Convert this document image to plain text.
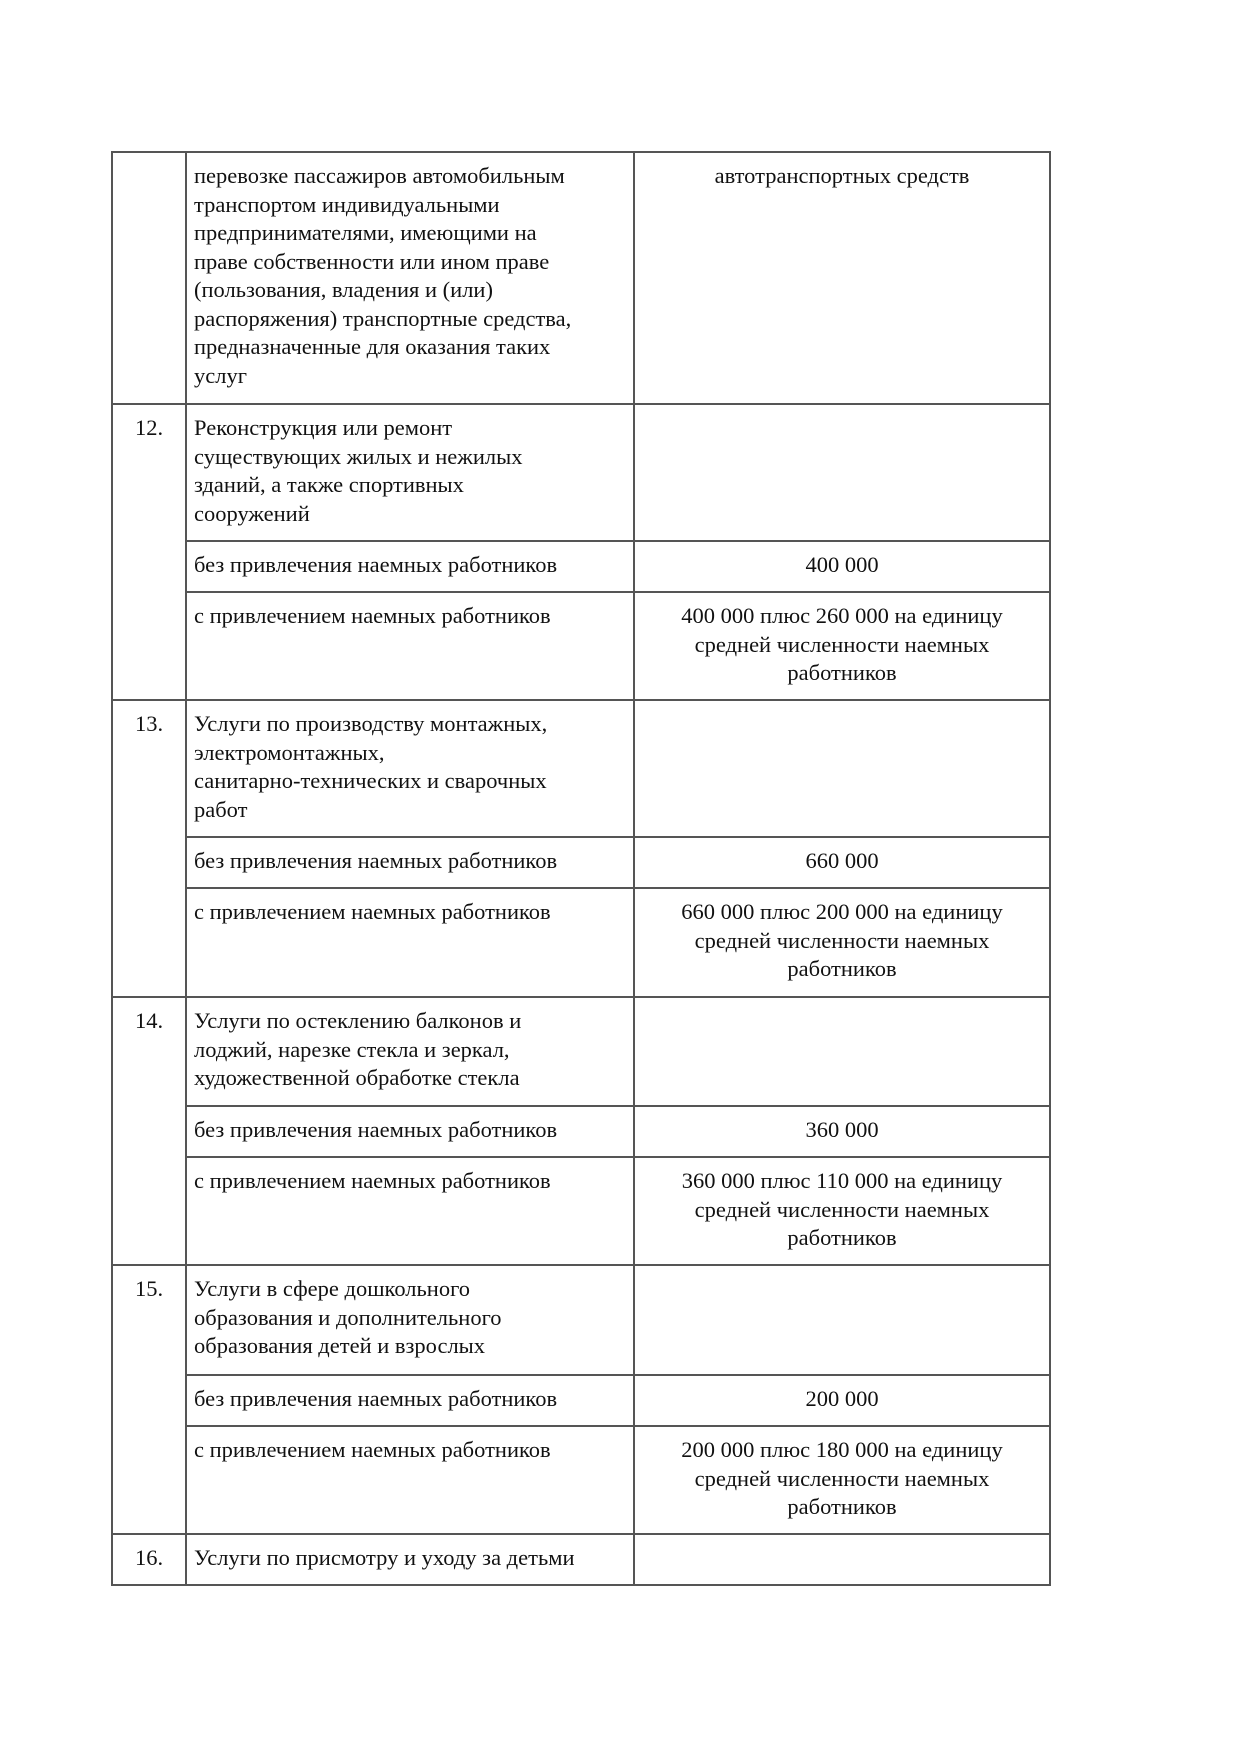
перевозке пассажиров автомобильным
транспортом индивидуальными
предпринимателями, имеющими на
праве собственности или ином праве
(пользования, владения и (или)
распоряжения) транспортные средства,
предназначенные для оказания таких
услуг
	автотранспортных средств
12.	Реконструкция или ремонт
существующих жилых и нежилых
зданий, а также спортивных
сооружений	

	без привлечения наемных работников	400 000
	с привлечением наемных работников	400 000 плюс 260 000 на единицу
средней численности наемных
работников

13.	Услуги по производству монтажных,
электромонтажных,
санитарно-технических и сварочных
работ	

	без привлечения наемных работников	660 000
	с привлечением наемных работников	660 000 плюс 200 000 на единицу
средней численности наемных
работников

14.	Услуги по остеклению балконов и
лоджий, нарезке стекла и зеркал,
художественной обработке стекла	

	без привлечения наемных работников	360 000
	с привлечением наемных работников	360 000 плюс 110 000 на единицу
средней численности наемных
работников

15.	Услуги в сфере дошкольного
образования и дополнительного
образования детей и взрослых	

	без привлечения наемных работников	200 000
	с привлечением наемных работников	200 000 плюс 180 000 на единицу
средней численности наемных
работников

16.	Услуги по присмотру и уходу за детьми	
